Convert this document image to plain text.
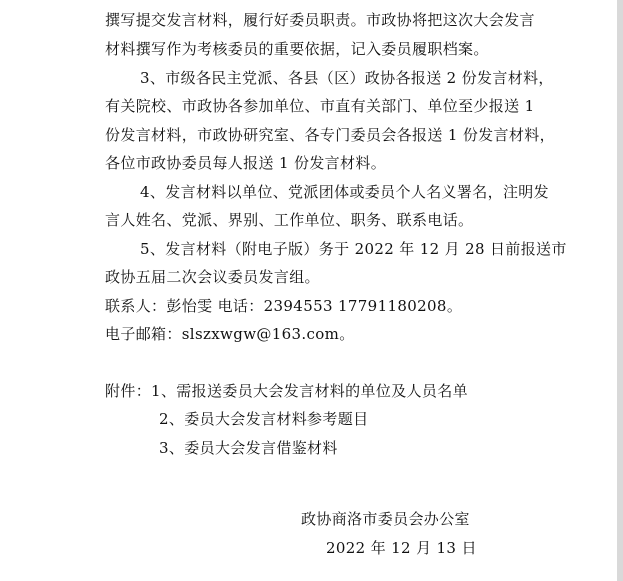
撰写提交发言材料，履行好委员职责。市政协将把这次大会发言
材料撰写作为考核委员的重要依据，记入委员履职档案。
3、市级各民主党派、各县（区）政协各报送 2 份发言材料，
有关院校、市政协各参加单位、市直有关部门、单位至少报送 1
份发言材料，市政协研究室、各专门委员会各报送 1 份发言材料，
各位市政协委员每人报送 1 份发言材料。
4、发言材料以单位、党派团体或委员个人名义署名，注明发
言人姓名、党派、界别、工作单位、职务、联系电话。
5、发言材料（附电子版）务于 2022 年 12 月 28 日前报送市
政协五届二次会议委员发言组。
联系人：彭怡雯 电话：2394553 17791180208。
电子邮箱：slszxwgw@163.com。
附件：1、需报送委员大会发言材料的单位及人员名单
2、委员大会发言材料参考题目
3、委员大会发言借鉴材料
政协商洛市委员会办公室
2022 年 12 月 13 日
